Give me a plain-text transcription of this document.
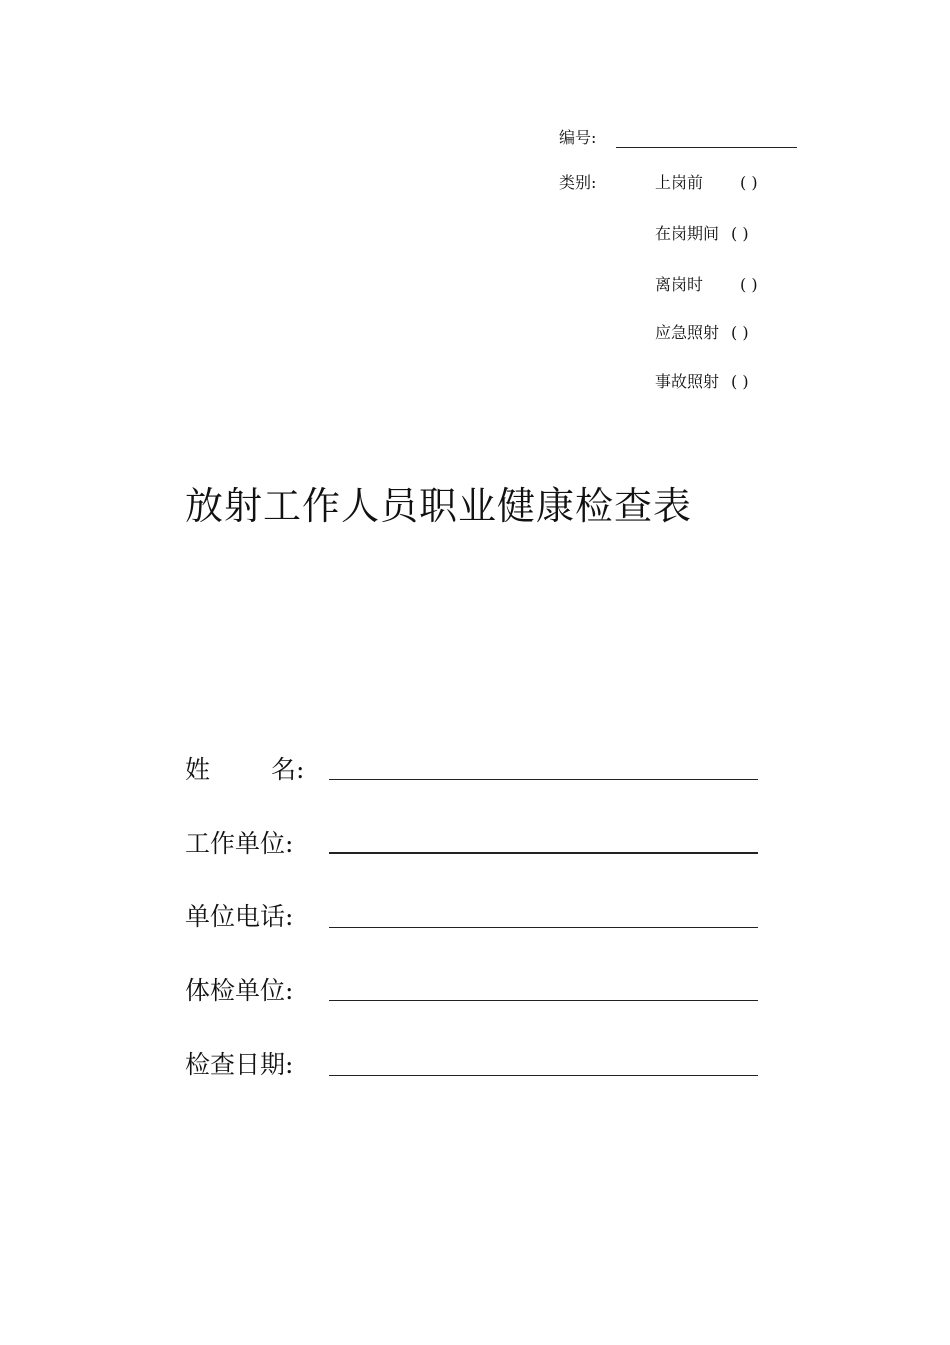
编号:
类别:	上岗前 ( )
在岗期间 ( )
离岗时 ( )
应急照射 ( )
事故照射 ( )
放射工作人员职业健康检查表
姓 名:
工作单位:
单位电话:
体检单位:
检查日期:
